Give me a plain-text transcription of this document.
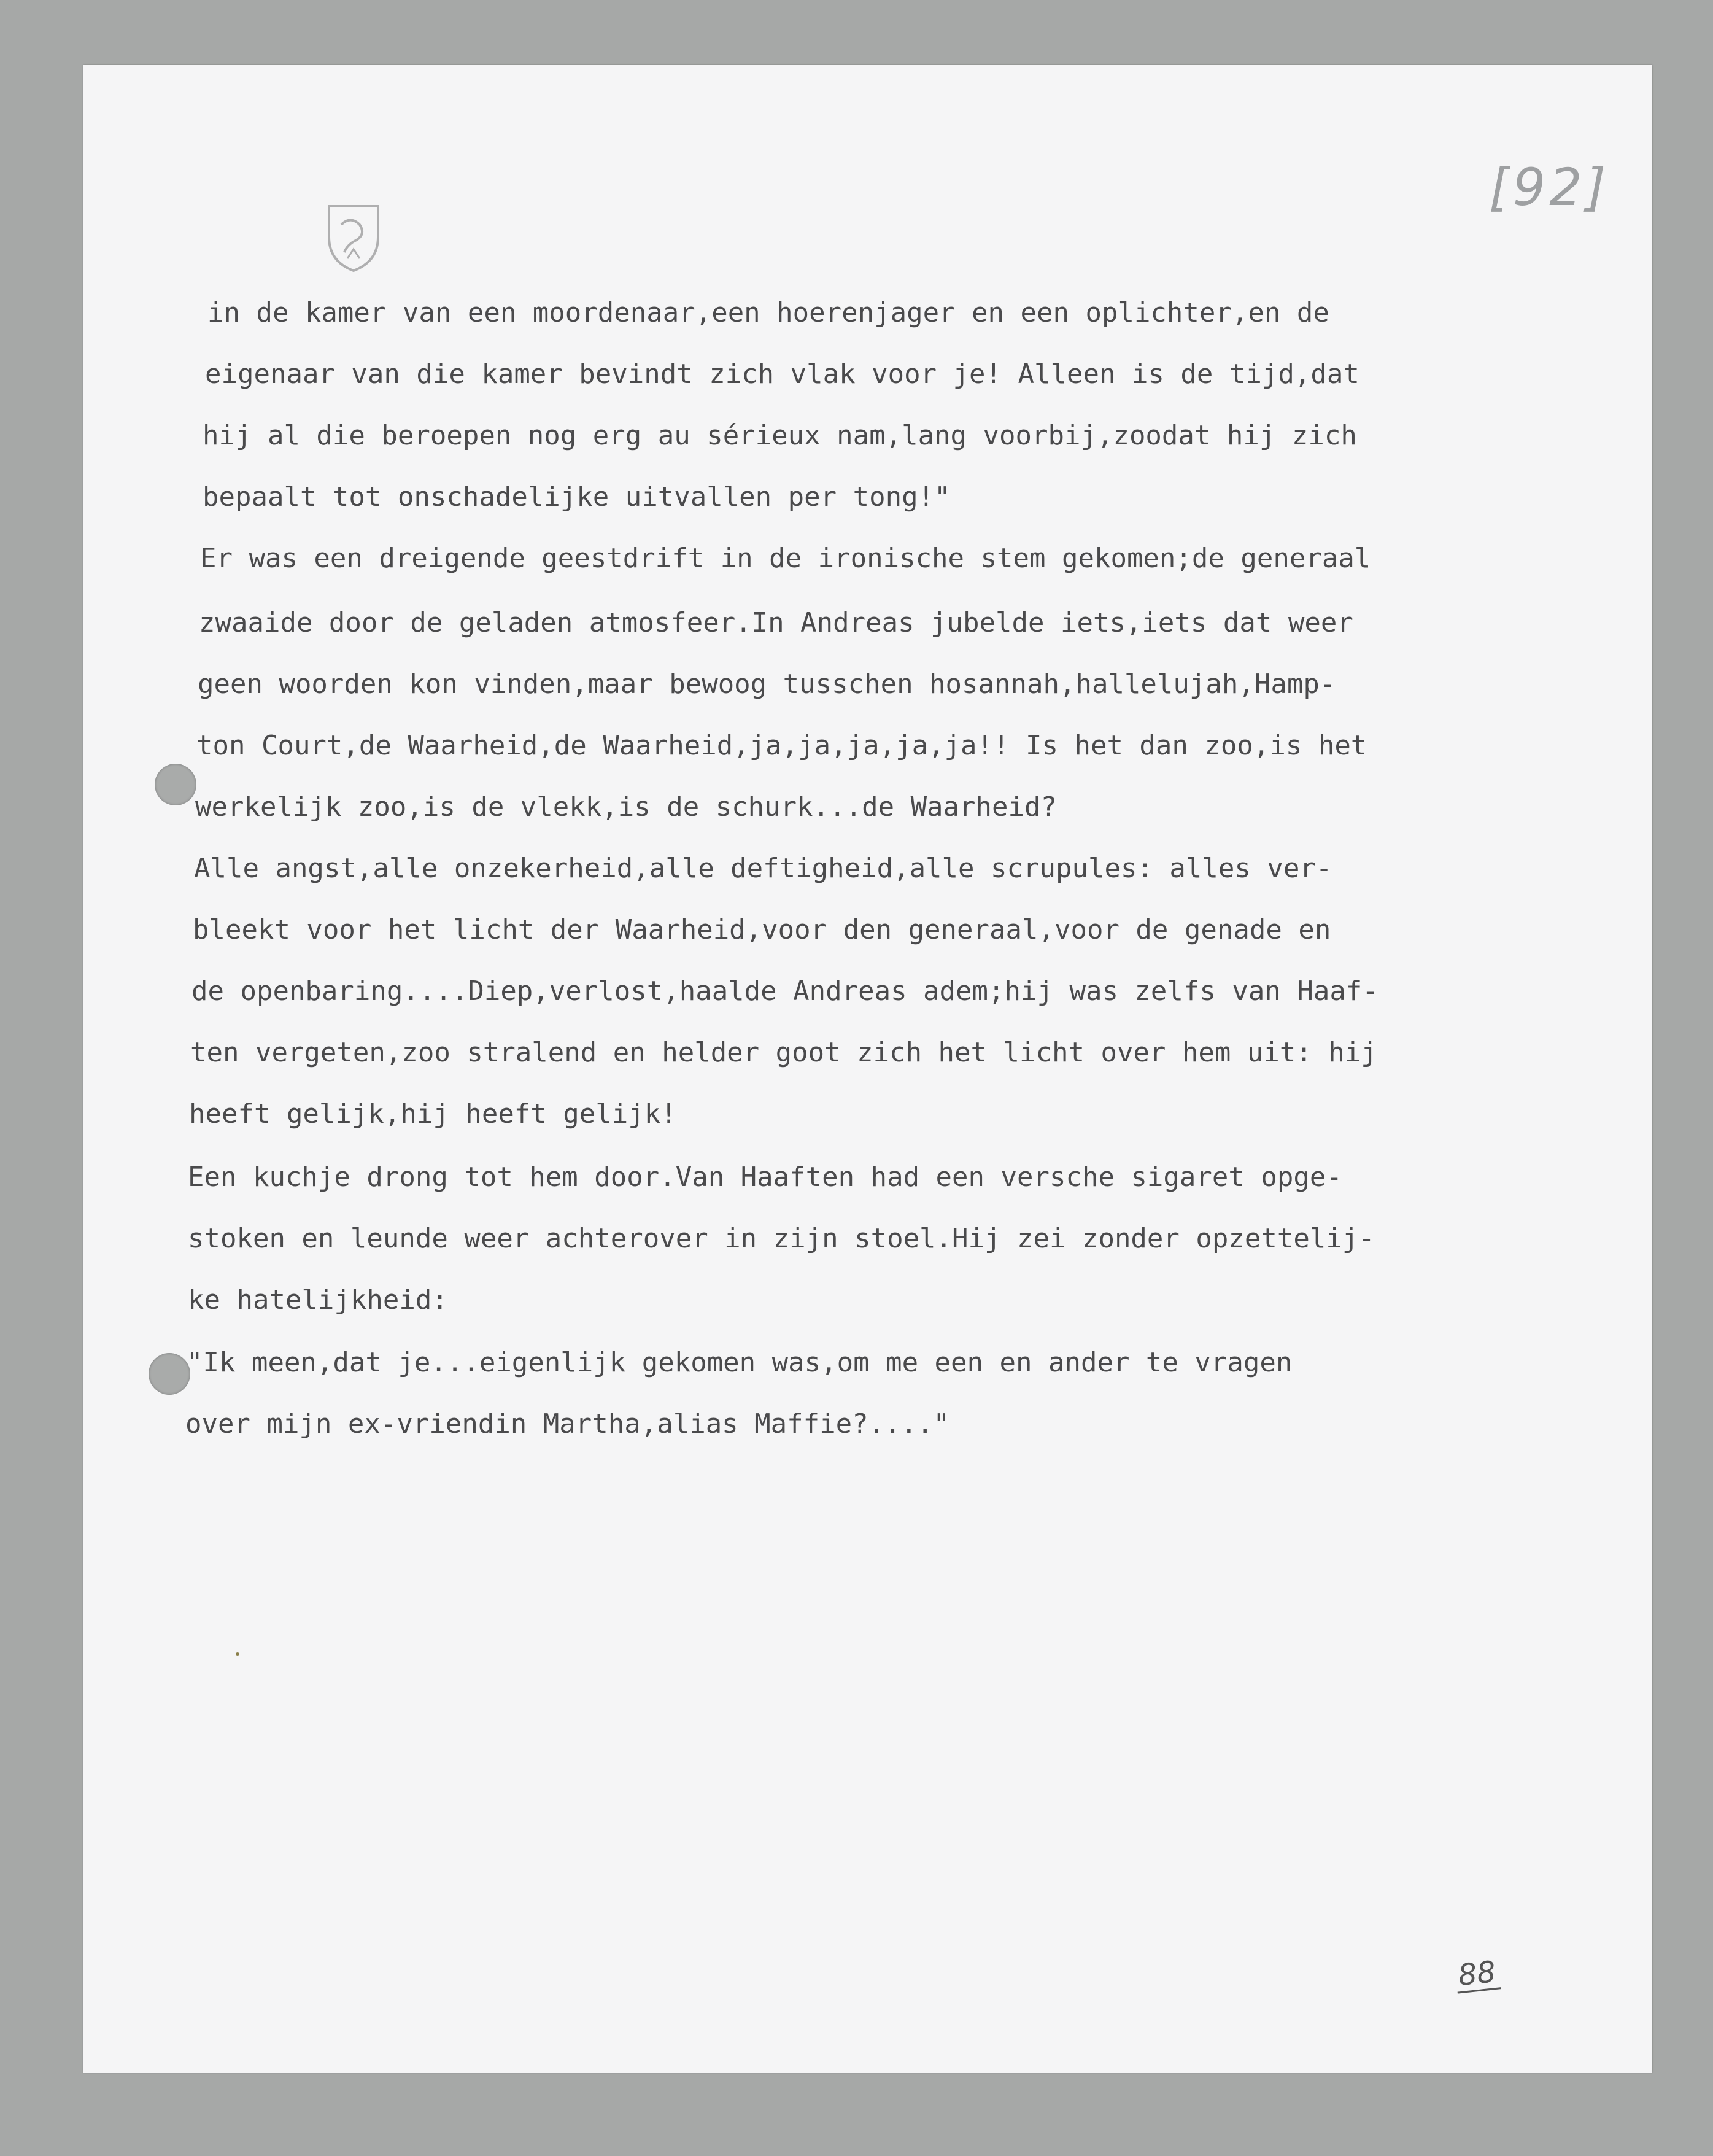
[92]
88

in de kamer van een moordenaar,een hoerenjager en een oplichter,en de

eigenaar van die kamer bevindt zich vlak voor je! Alleen is de tijd,dat

hij al die beroepen nog erg au sérieux nam,lang voorbij,zoodat hij zich

bepaalt tot onschadelijke uitvallen per tong!"

Er was een dreigende geestdrift in de ironische stem gekomen;de generaal

zwaaide door de geladen atmosfeer.In Andreas jubelde iets,iets dat weer

geen woorden kon vinden,maar bewoog tusschen hosannah,hallelujah,Hamp-

ton Court,de Waarheid,de Waarheid,ja,ja,ja,ja,ja!! Is het dan zoo,is het

werkelijk zoo,is de vlekk,is de schurk...de Waarheid?

Alle angst,alle onzekerheid,alle deftigheid,alle scrupules: alles ver-

bleekt voor het licht der Waarheid,voor den generaal,voor de genade en

de openbaring....Diep,verlost,haalde Andreas adem;hij was zelfs van Haaf-

ten vergeten,zoo stralend en helder goot zich het licht over hem uit: hij

heeft gelijk,hij heeft gelijk!

Een kuchje drong tot hem door.Van Haaften had een versche sigaret opge-

stoken en leunde weer achterover in zijn stoel.Hij zei zonder opzettelij-

ke hatelijkheid:

"Ik meen,dat je...eigenlijk gekomen was,om me een en ander te vragen

over mijn ex-vriendin Martha,alias Maffie?...."
